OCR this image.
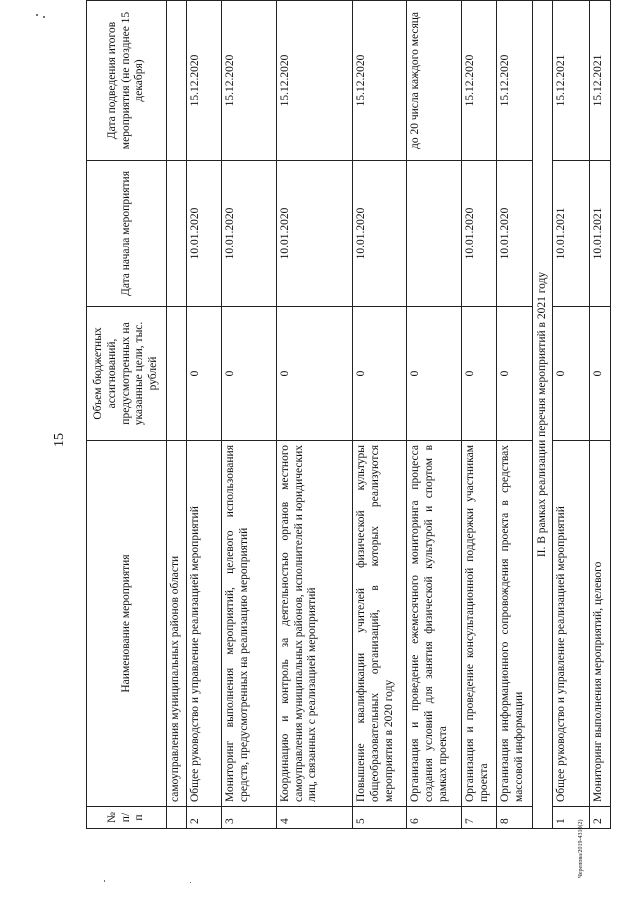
15
№ п/п	Наименование мероприятия	Объем бюджетных ассигнований, предусмотренных на указанные цели, тыс. рублей	Дата начала мероприятия	Дата подведения итогов мероприятия (не позднее 15 декабря)
	самоуправления муниципальных районов области			
2	Общее руководство и управление реализацией мероприятий	0	10.01.2020	15.12.2020
3	Мониторинг выполнения мероприятий, целевого использования средств, предусмотренных на реализацию мероприятий	0	10.01.2020	15.12.2020
4	Координацию и контроль за деятельностью органов местного самоуправления муниципальных районов, исполнителей и юридических лиц, связанных с реализацией мероприятий	0	10.01.2020	15.12.2020
5	Повышение квалификации учителей физической культуры общеобразовательных организаций, в которых реализуются мероприятия в 2020 году	0	10.01.2020	15.12.2020
6	Организация и проведение ежемесячного мониторинга процесса создания условий для занятия физической культурой и спортом в рамках проекта	0		до 20 числа каждого месяца
7	Организация и проведение консультационной поддержки участникам проекта	0	10.01.2020	15.12.2020
8	Организация информационного сопровождения проекта в средствах массовой информации	0	10.01.2020	15.12.2020
II. В рамках реализации перечня мероприятий в 2021 году				
1	Общее руководство и управление реализацией мероприятий	0	10.01.2021	15.12.2021
2	Мониторинг выполнения мероприятий, целевого	0	10.01.2021	15.12.2021
Черепова/2019-4310(2)
